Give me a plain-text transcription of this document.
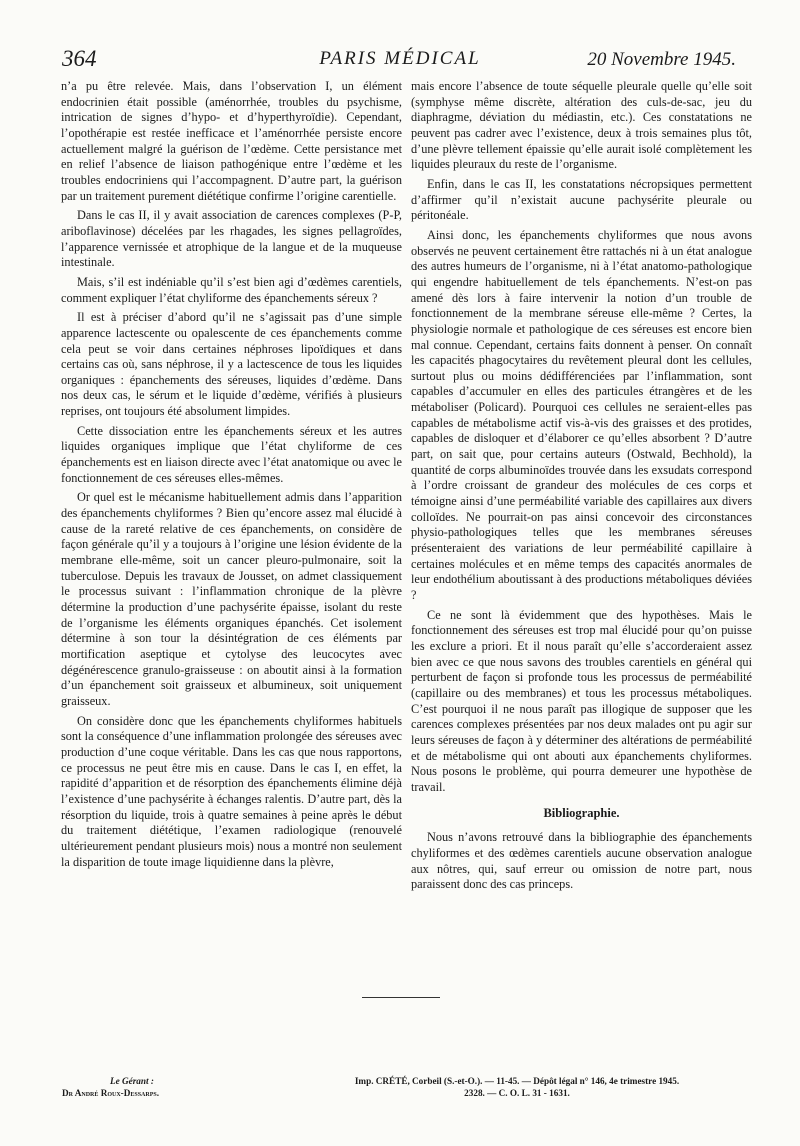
364	PARIS MÉDICAL	20 Novembre 1945.

n’a pu être relevée. Mais, dans l’observation I, un élément endocrinien était possible (aménorrhée, troubles du psychisme, intrication de signes d’hypo- et d’hyperthyroïdie). Cependant, l’opothérapie est restée inefficace et l’aménorrhée persiste encore actuellement malgré la guérison de l’œdème. Cette persistance met en relief l’absence de liaison pathogénique entre l’œdème et les troubles endocriniens qui l’accompagnent. D’autre part, la guérison par un traitement purement diététique confirme l’origine carentielle.

Dans le cas II, il y avait association de carences complexes (P-P, ariboflavinose) décelées par les rhagades, les signes pellagroïdes, l’apparence vernissée et atrophique de la langue et de la muqueuse intestinale.

Mais, s’il est indéniable qu’il s’est bien agi d’œdèmes carentiels, comment expliquer l’état chyliforme des épanchements séreux ?

Il est à préciser d’abord qu’il ne s’agissait pas d’une simple apparence lactescente ou opalescente de ces épanchements comme cela peut se voir dans certaines néphroses lipoïdiques et dans certains cas où, sans néphrose, il y a lactescence de tous les liquides organiques : épanchements des séreuses, liquides d’œdème. Dans nos deux cas, le sérum et le liquide d’œdème, vérifiés à plusieurs reprises, ont toujours été absolument limpides.

Cette dissociation entre les épanchements séreux et les autres liquides organiques implique que l’état chyliforme de ces épanchements est en liaison directe avec l’état anatomique ou avec le fonctionnement de ces séreuses elles-mêmes.

Or quel est le mécanisme habituellement admis dans l’apparition des épanchements chyliformes ? Bien qu’encore assez mal élucidé à cause de la rareté relative de ces épanchements, on considère de façon générale qu’il y a toujours à l’origine une lésion évidente de la membrane elle-même, soit un cancer pleuro-pulmonaire, soit la tuberculose. Depuis les travaux de Jousset, on admet classiquement le processus suivant : l’inflammation chronique de la plèvre détermine la production d’une pachysérite épaisse, isolant du reste de l’organisme les éléments organiques épanchés. Cet isolement détermine à son tour la désintégration de ces éléments par mortification aseptique et cytolyse des leucocytes avec dégénérescence granulo-graisseuse : on aboutit ainsi à la formation d’un épanchement soit graisseux et albumineux, soit uniquement graisseux.

On considère donc que les épanchements chyliformes habituels sont la conséquence d’une inflammation prolongée des séreuses avec production d’une coque véritable. Dans les cas que nous rapportons, ce processus ne peut être mis en cause. Dans le cas I, en effet, la rapidité d’apparition et de résorption des épanchements élimine déjà l’existence d’une pachysérite à échanges ralentis. D’autre part, dès la résorption du liquide, trois à quatre semaines à peine après le début du traitement diététique, l’examen radiologique (renouvelé ultérieurement pendant plusieurs mois) nous a montré non seulement la disparition de toute image liquidienne dans la plèvre,

mais encore l’absence de toute séquelle pleurale quelle qu’elle soit (symphyse même discrète, altération des culs-de-sac, jeu du diaphragme, déviation du médiastin, etc.). Ces constatations ne peuvent pas cadrer avec l’existence, deux à trois semaines plus tôt, d’une plèvre tellement épaissie qu’elle aurait isolé complètement les liquides pleuraux du reste de l’organisme.

Enfin, dans le cas II, les constatations nécropsiques permettent d’affirmer qu’il n’existait aucune pachysérite pleurale ou péritonéale.

Ainsi donc, les épanchements chyliformes que nous avons observés ne peuvent certainement être rattachés ni à un état analogue des autres humeurs de l’organisme, ni à l’état anatomo-pathologique qui engendre habituellement de tels épanchements. N’est-on pas amené dès lors à faire intervenir la notion d’un trouble de fonctionnement de la membrane séreuse elle-même ? Certes, la physiologie normale et pathologique de ces séreuses est encore bien mal connue. Cependant, certains faits donnent à penser. On connaît les capacités phagocytaires du revêtement pleural dont les cellules, surtout plus ou moins dédifférenciées par l’inflammation, sont capables d’accumuler en elles des particules étrangères et de les métaboliser (Policard). Pourquoi ces cellules ne seraient-elles pas capables de métabolisme actif vis-à-vis des graisses et des protides, capables de disloquer et d’élaborer ce qu’elles absorbent ? D’autre part, on sait que, pour certains auteurs (Ostwald, Bechhold), la quantité de corps albuminoïdes trouvée dans les exsudats correspond à l’ordre croissant de grandeur des molécules de ces corps et témoigne ainsi d’une perméabilité variable des capillaires aux divers colloïdes. Ne pourrait-on pas ainsi concevoir des circonstances physio-pathologiques telles que les membranes séreuses présenteraient des variations de leur perméabilité capillaire à certaines molécules et en même temps des capacités anormales de leur endothélium aboutissant à des productions métaboliques déviées ?

Ce ne sont là évidemment que des hypothèses. Mais le fonctionnement des séreuses est trop mal élucidé pour qu’on puisse les exclure a priori. Et il nous paraît qu’elle s’accorderaient assez bien avec ce que nous savons des troubles carentiels en général qui perturbent de façon si profonde tous les processus de perméabilité (capillaire ou des membranes) et tous les processus métaboliques. C’est pourquoi il ne nous paraît pas illogique de supposer que les carences complexes présentées par nos deux malades ont pu agir sur leurs séreuses de façon à y déterminer des altérations de perméabilité et de métabolisme qui ont abouti aux épanchements chyliformes. Nous posons le problème, qui pourra demeurer une hypothèse de travail.

Bibliographie.

Nous n’avons retrouvé dans la bibliographie des épanchements chyliformes et des œdèmes carentiels aucune observation analogue aux nôtres, qui, sauf erreur ou omission de notre part, nous paraissent donc des cas princeps.

Le Gérant :
Dr André Roux-Dessarps.
Imp. CRÉTÉ, Corbeil (S.-et-O.). — 11-45. — Dépôt légal n° 146, 4e trimestre 1945.
2328. — C. O. L. 31 - 1631.
